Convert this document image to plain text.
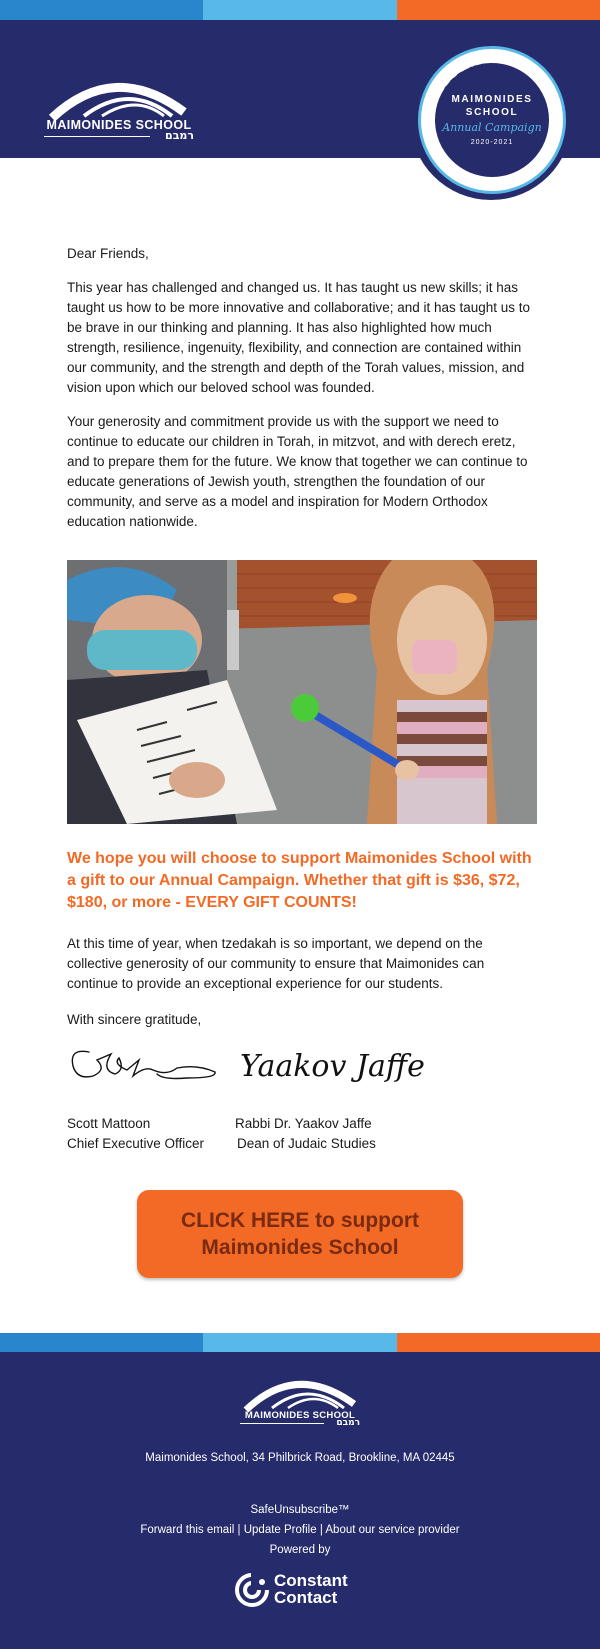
MAIMONIDES SCHOOL
רמבם
MAIMONIDES
SCHOOL
Annual Campaign
2020-2021
SEE YOURSELF
IN OUR STORY
Dear Friends,
This year has challenged and changed us. It has taught us new skills; it has taught us how to be more innovative and collaborative; and it has taught us to be brave in our thinking and planning. It has also highlighted how much strength, resilience, ingenuity, flexibility, and connection are contained within our community, and the strength and depth of the Torah values, mission, and vision upon which our beloved school was founded.
Your generosity and commitment provide us with the support we need to continue to educate our children in Torah, in mitzvot, and with derech eretz, and to prepare them for the future. We know that together we can continue to educate generations of Jewish youth, strengthen the foundation of our community, and serve as a model and inspiration for Modern Orthodox education nationwide.
We hope you will choose to support Maimonides School with a gift to our Annual Campaign. Whether that gift is $36, $72, $180, or more - EVERY GIFT COUNTS!
At this time of year, when tzedakah is so important, we depend on the collective generosity of our community to ensure that Maimonides can continue to provide an exceptional experience for our students.
With sincere gratitude,
Yaakov Jaffe
Scott Mattoon
Chief Executive Officer
Rabbi Dr. Yaakov Jaffe
Dean of Judaic Studies
CLICK HERE to support
Maimonides School
MAIMONIDES SCHOOL
רמבם
Maimonides School, 34 Philbrick Road, Brookline, MA 02445
SafeUnsubscribe™
Forward this email | Update Profile | About our service provider
Powered by
Constant
Contact
